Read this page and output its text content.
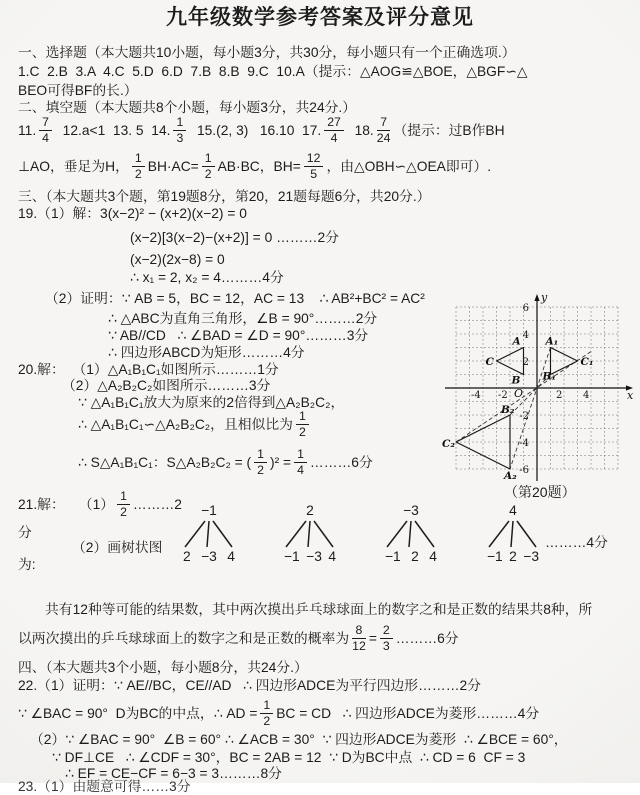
九年级数学参考答案及评分意见
一、选择题（本大题共10小题，每小题3分，共30分，每小题只有一个正确选项.）
1.C  2.B  3.A  4.C  5.D  6.D  7.B  8.B  9.C  10.A（提示：△AOG≌△BOE，△BGF∽△
BEO可得BF的长.）
二、填空题（本大题共8个小题，每小题3分，共24分.）
11. $\frac{7}{4} 12.a<1$  13. 5  14. $\frac{1}{3} 15.(2$, 3)   16.10  17. $\frac{27}{4} 18$. $\frac{7}{24}$ （提示：过B作BH
⊥AO，垂足为H， $\frac{1}{2} BH\cdot AC= \frac{1}{2} AB\cdot BC$，$BH= \frac{12}{5}$ ，由△OBH∽△OEA即可）.
三、（本大题共3个题，第19题8分，第20，21题每题6分，共20分.）
19.（1）解：3(x−2)² − (x+2)(x−2) = 0
(x−2)[3(x−2)−(x+2)] = 0 ………2分
(x−2)(2x−8) = 0
∴ x₁ = 2, x₂ = 4………4分
（2）证明：∵ AB = 5，BC = 12，AC = 13    ∴ AB²+BC² = AC²
∴ △ABC为直角三角形，∠B = 90°………2分
∵ AB//CD   ∴ ∠BAD = ∠D = 90°………3分
∴ 四边形ABCD为矩形………4分
20.解：  （1）△A₁B₁C₁如图所示………1分
（2）△A₂B₂C₂如图所示………3分
∵ △A₁B₁C₁放大为原来的2倍得到△A₂B₂C₂，
∴ △A₁B₁C₁∽△A₂B₂C₂，且相似比为 $\frac{1}{2}$
∴ S△A₁B₁C₁：S△A₂B₂C₂ = ( $\frac{1}{2} )^2 = \frac{1}{4}$ ………6分
21.解： $(1) \frac{1}{2}$ ………2
分
（2）画树状图
为:
−1
2 −3 4
2
−1 −3 4
−3
−1 2 4
4
−1 2 −3
………4分
共有12种等可能的结果数，其中两次摸出乒乓球球面上的数字之和是正数的结果共8种，所
以两次摸出的乒乓球球面上的数字之和是正数的概率为 $\frac{8}{12} = \frac{2}{3}$ ………6分
四、（本大题共3个小题，每小题8分，共24分.）
22.（1）证明：∵ AE//BC，CE//AD   ∴ 四边形ADCE为平行四边形………2分
∵ ∠BAC = 90°  D为BC的中点，∴ AD = $\frac{1}{2}$ BC = CD   ∴ 四边形ADCE为菱形………4分
（2）∵ ∠BAC = 90°  ∠B = 60° ∴ ∠ACB = 30°  ∵ 四边形ADCE为菱形  ∴ ∠BCE = 60°，
∵ DF⊥CE   ∴ ∠CDF = 30°，BC = 2AB = 12  ∵ D为BC中点  ∴ CD = 6  CF = 3
∴ EF = CE−CF = 6−3 = 3………8分
23.（1）由题意可得……3分
-4 -2	2 4
6
4
2
-2
-4
-6
x
y
O
A
B
C
A₁
B₁
C₁
A₂
B₂
C₂
（第20题）
